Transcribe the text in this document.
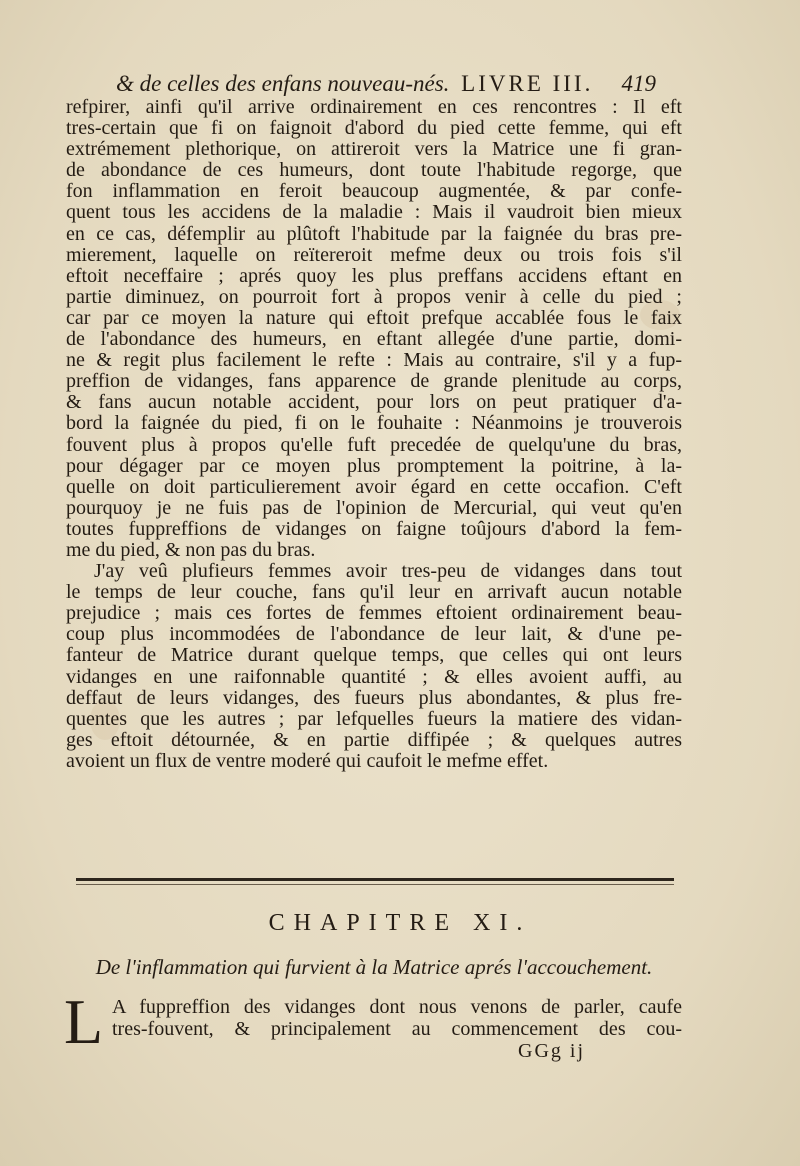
& de celles des enfans nouveau-nés. LIVRE III. 419
refpirer, ainfi qu'il arrive ordinairement en ces rencontres : Il eft
tres-certain que fi on faignoit d'abord du pied cette femme, qui eft
extrémement plethorique, on attireroit vers la Matrice une fi gran-
de abondance de ces humeurs, dont toute l'habitude regorge, que
fon inflammation en feroit beaucoup augmentée, & par confe-
quent tous les accidens de la maladie : Mais il vaudroit bien mieux
en ce cas, défemplir au plûtoft l'habitude par la faignée du bras pre-
mierement, laquelle on reïtereroit mefme deux ou trois fois s'il
eftoit neceffaire ; aprés quoy les plus preffans accidens eftant en
partie diminuez, on pourroit fort à propos venir à celle du pied ;
car par ce moyen la nature qui eftoit prefque accablée fous le faix
de l'abondance des humeurs, en eftant allegée d'une partie, domi-
ne & regit plus facilement le refte : Mais au contraire, s'il y a fup-
preffion de vidanges, fans apparence de grande plenitude au corps,
& fans aucun notable accident, pour lors on peut pratiquer d'a-
bord la faignée du pied, fi on le fouhaite : Néanmoins je trouverois
fouvent plus à propos qu'elle fuft precedée de quelqu'une du bras,
pour dégager par ce moyen plus promptement la poitrine, à la-
quelle on doit particulierement avoir égard en cette occafion. C'eft
pourquoy je ne fuis pas de l'opinion de Mercurial, qui veut qu'en
toutes fuppreffions de vidanges on faigne toûjours d'abord la fem-
me du pied, & non pas du bras.
J'ay veû plufieurs femmes avoir tres-peu de vidanges dans tout
le temps de leur couche, fans qu'il leur en arrivaft aucun notable
prejudice ; mais ces fortes de femmes eftoient ordinairement beau-
coup plus incommodées de l'abondance de leur lait, & d'une pe-
fanteur de Matrice durant quelque temps, que celles qui ont leurs
vidanges en une raifonnable quantité ; & elles avoient auffi, au
deffaut de leurs vidanges, des fueurs plus abondantes, & plus fre-
quentes que les autres ; par lefquelles fueurs la matiere des vidan-
ges eftoit détournée, & en partie diffipée ; & quelques autres
avoient un flux de ventre moderé qui caufoit le mefme effet.
CHAPITRE XI.
De l'inflammation qui furvient à la Matrice aprés l'accouchement.
L A fuppreffion des vidanges dont nous venons de parler, caufe
tres-fouvent, & principalement au commencement des cou-
GGg ij
